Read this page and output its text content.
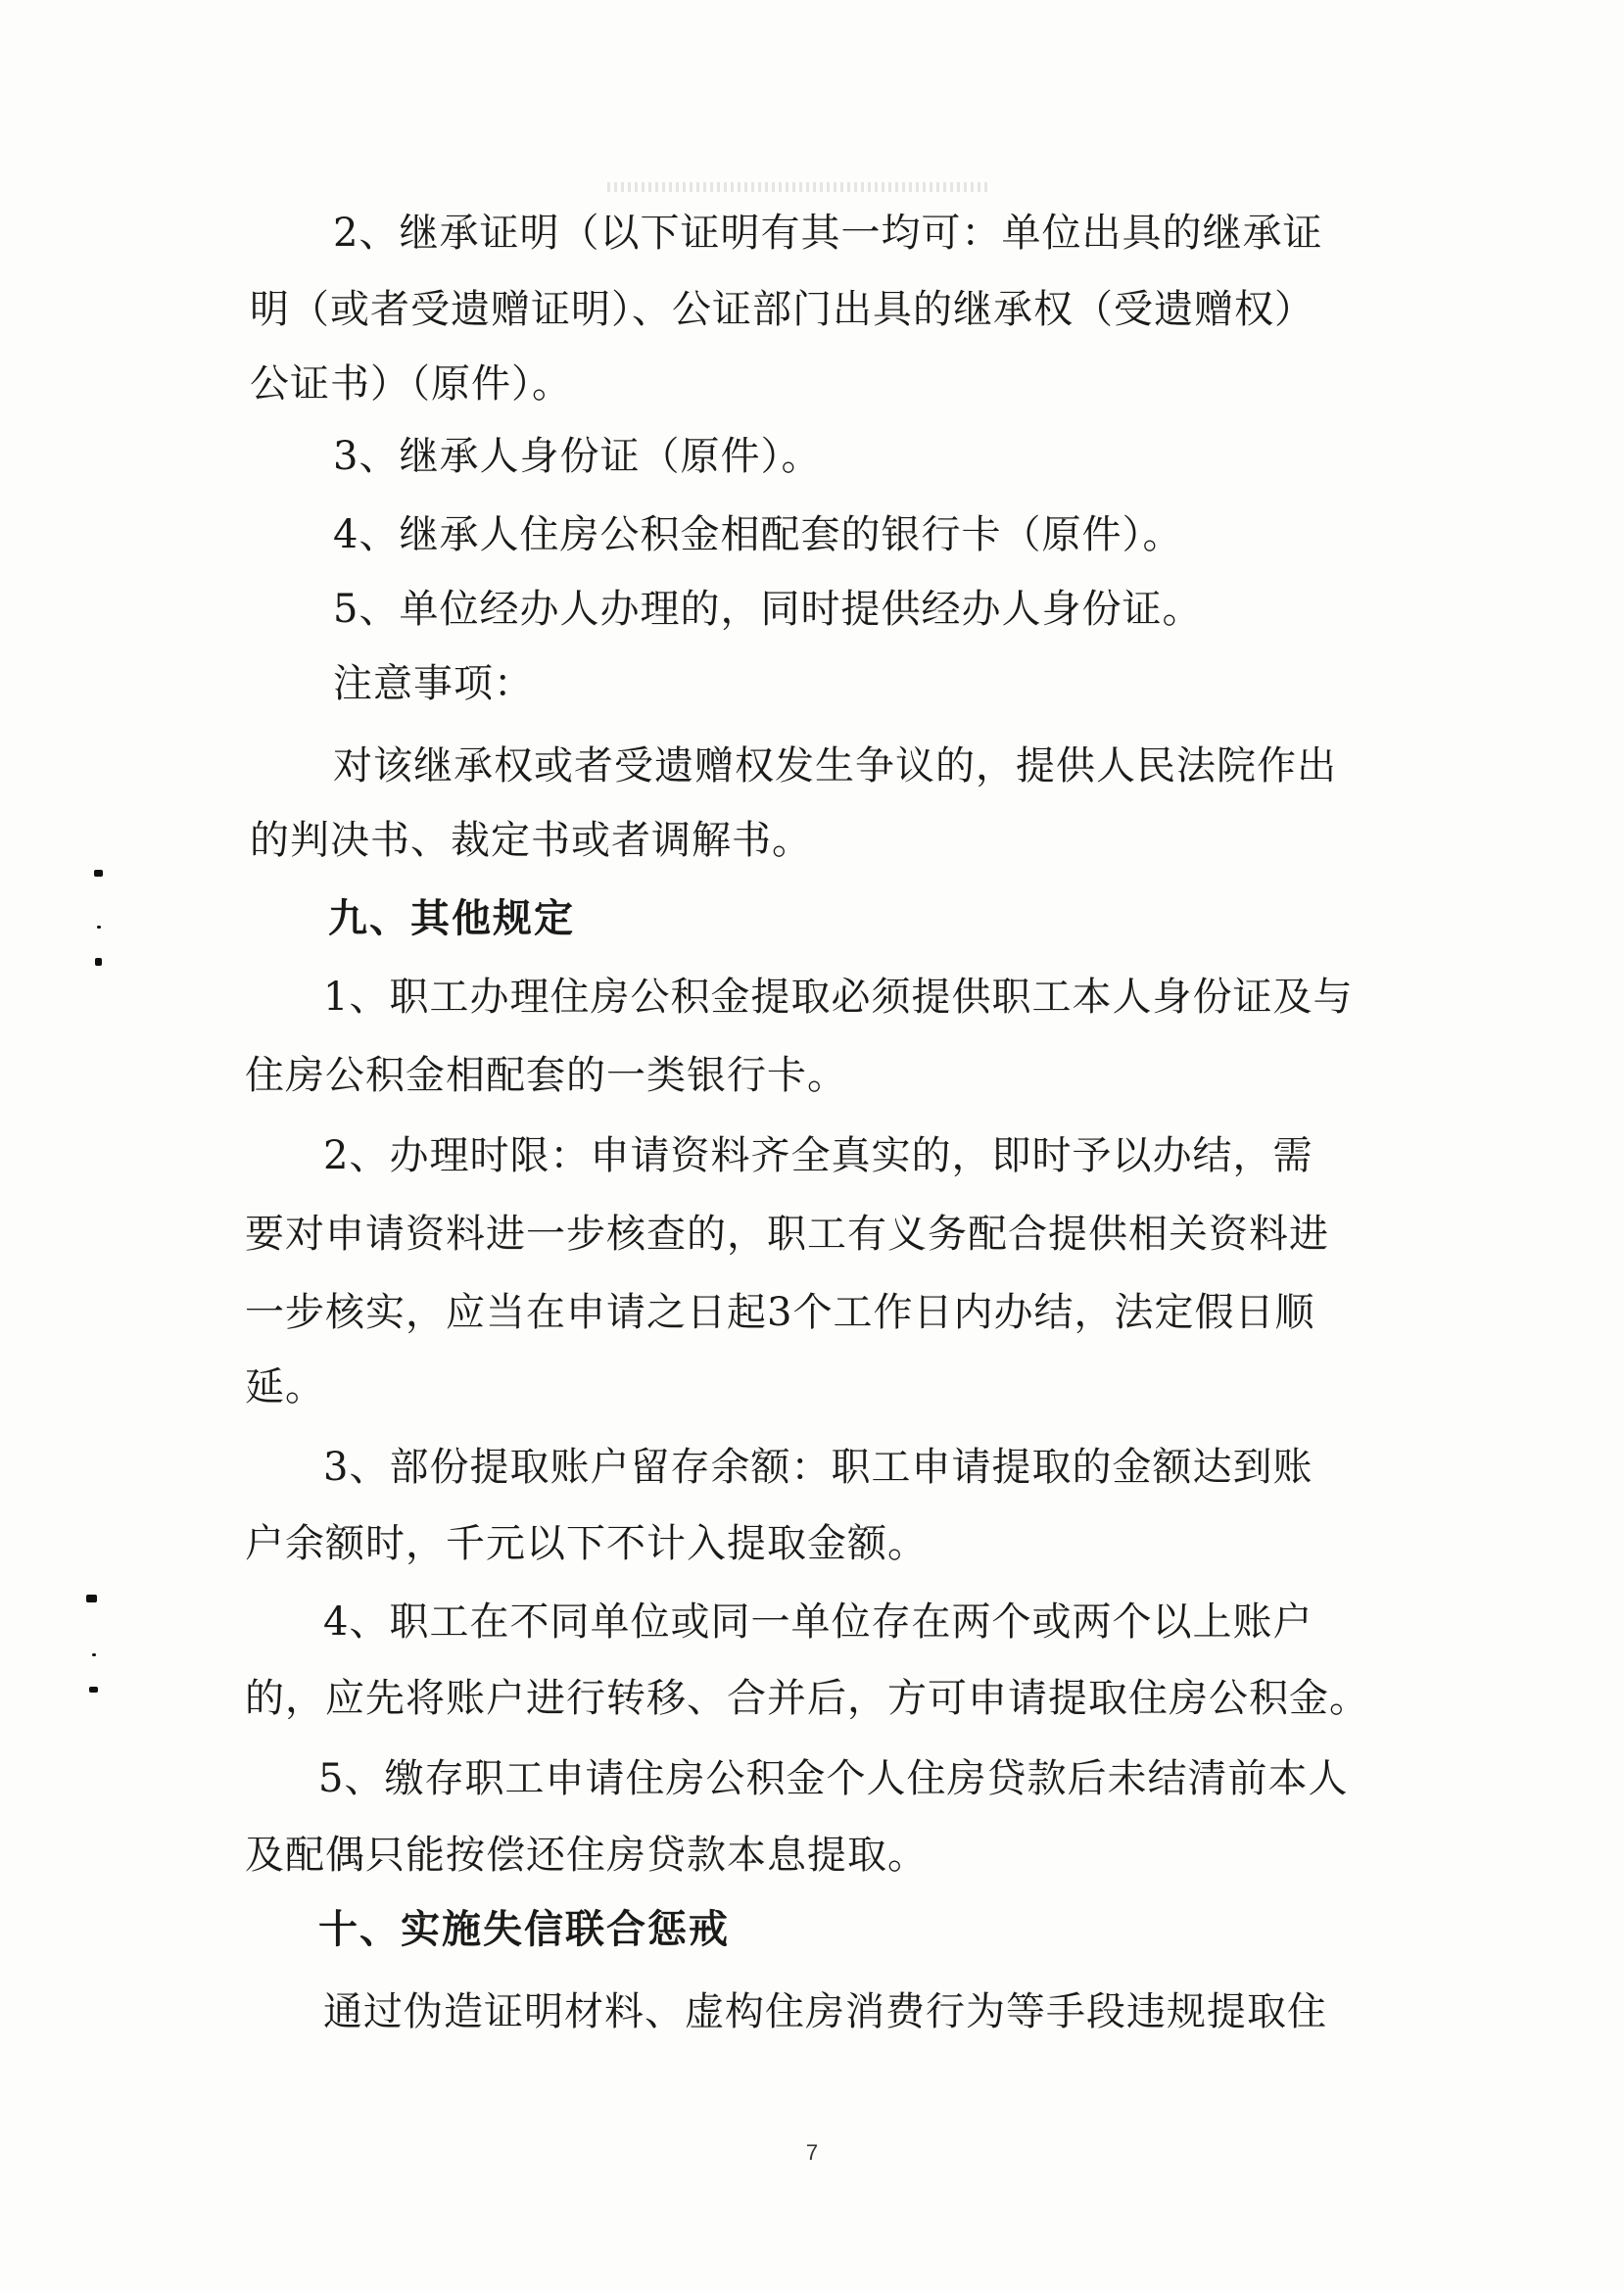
2、继承证明（以下证明有其一均可：单位出具的继承证
明（或者受遗赠证明）、公证部门出具的继承权（受遗赠权）
公证书）（原件）。
3、继承人身份证（原件）。
4、继承人住房公积金相配套的银行卡（原件）。
5、单位经办人办理的，同时提供经办人身份证。
注意事项：
对该继承权或者受遗赠权发生争议的，提供人民法院作出
的判决书、裁定书或者调解书。
九、其他规定
1、职工办理住房公积金提取必须提供职工本人身份证及与
住房公积金相配套的一类银行卡。
2、办理时限：申请资料齐全真实的，即时予以办结，需
要对申请资料进一步核查的，职工有义务配合提供相关资料进
一步核实，应当在申请之日起3个工作日内办结，法定假日顺
延。
3、部份提取账户留存余额：职工申请提取的金额达到账
户余额时，千元以下不计入提取金额。
4、职工在不同单位或同一单位存在两个或两个以上账户
的，应先将账户进行转移、合并后，方可申请提取住房公积金。
5、缴存职工申请住房公积金个人住房贷款后未结清前本人
及配偶只能按偿还住房贷款本息提取。
十、实施失信联合惩戒
通过伪造证明材料、虚构住房消费行为等手段违规提取住
7
